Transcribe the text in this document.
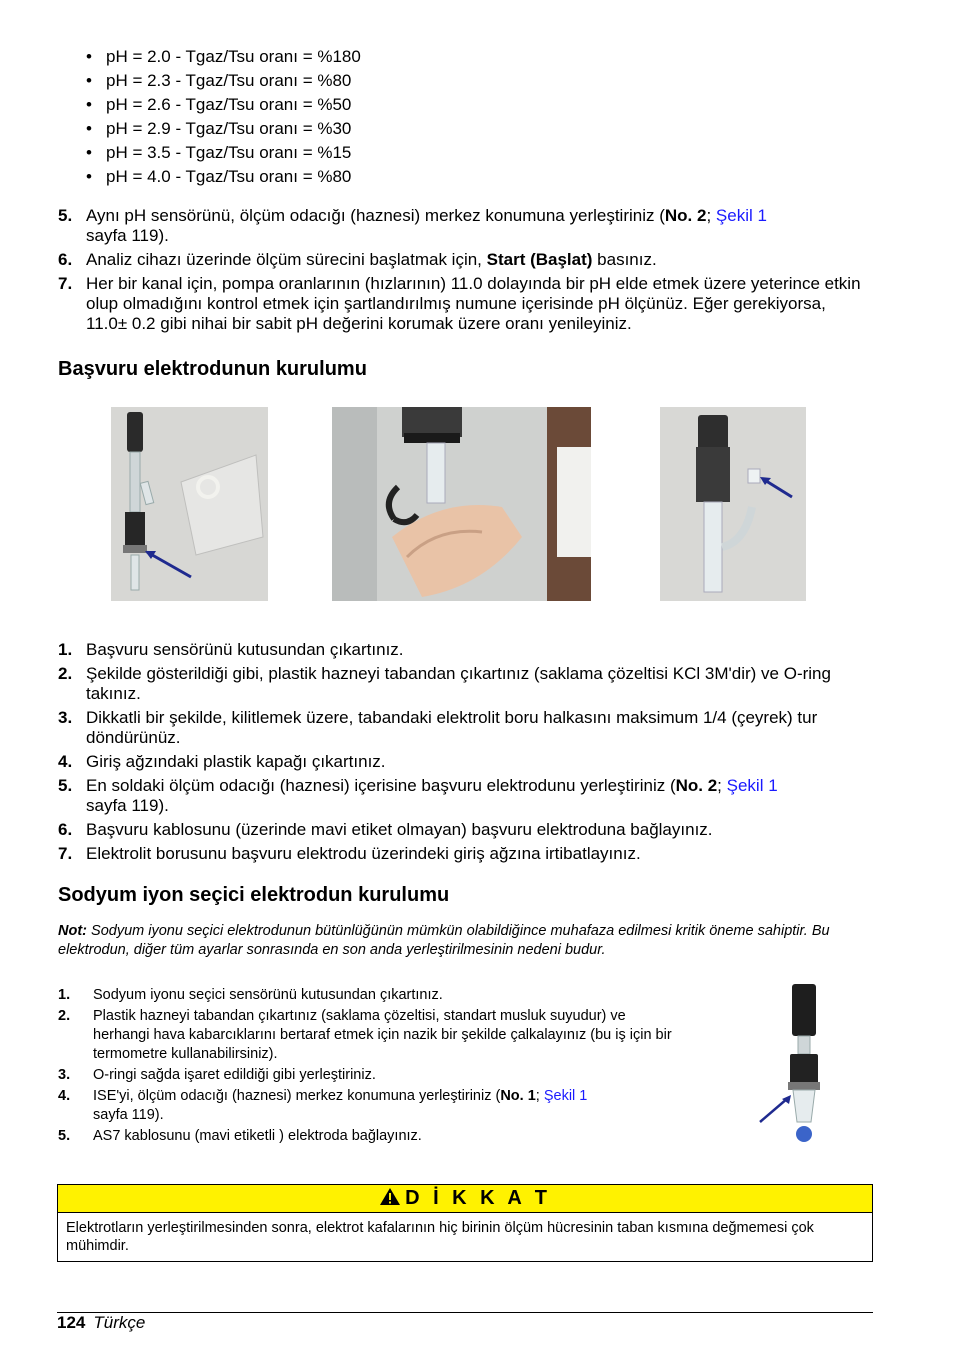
• pH = 2.0 - Tgaz/Tsu oranı = %180
• pH = 2.3 - Tgaz/Tsu oranı = %80
• pH = 2.6 - Tgaz/Tsu oranı = %50
• pH = 2.9 - Tgaz/Tsu oranı = %30
• pH = 3.5 - Tgaz/Tsu oranı = %15
• pH = 4.0 - Tgaz/Tsu oranı = %80
5. Aynı pH sensörünü, ölçüm odacığı (haznesi) merkez konumuna yerleştiriniz (No. 2; Şekil 1
sayfa 119).
6. Analiz cihazı üzerinde ölçüm sürecini başlatmak için, Start (Başlat) basınız.
7. Her bir kanal için, pompa oranlarının (hızlarının) 11.0 dolayında bir pH elde etmek üzere yeterince etkin olup olmadığını kontrol etmek için şartlandırılmış numune içerisinde pH ölçünüz. Eğer gerekiyorsa, 11.0± 0.2 gibi nihai bir sabit pH değerini korumak üzere oranı yenileyiniz.
Başvuru elektrodunun kurulumu
1. Başvuru sensörünü kutusundan çıkartınız.
2. Şekilde gösterildiği gibi, plastik hazneyi tabandan çıkartınız (saklama çözeltisi KCl 3M'dir) ve O-ring takınız.
3. Dikkatli bir şekilde, kilitlemek üzere, tabandaki elektrolit boru halkasını maksimum 1/4 (çeyrek) tur döndürünüz.
4. Giriş ağzındaki plastik kapağı çıkartınız.
5. En soldaki ölçüm odacığı (haznesi) içerisine başvuru elektrodunu yerleştiriniz (No. 2; Şekil 1
sayfa 119).
6. Başvuru kablosunu (üzerinde mavi etiket olmayan) başvuru elektroduna bağlayınız.
7. Elektrolit borusunu başvuru elektrodu üzerindeki giriş ağzına irtibatlayınız.
Sodyum iyon seçici elektrodun kurulumu
Not: Sodyum iyonu seçici elektrodunun bütünlüğünün mümkün olabildiğince muhafaza edilmesi kritik öneme sahiptir. Bu elektrodun, diğer tüm ayarlar sonrasında en son anda yerleştirilmesinin nedeni budur.
1. Sodyum iyonu seçici sensörünü kutusundan çıkartınız.
2. Plastik hazneyi tabandan çıkartınız (saklama çözeltisi, standart musluk suyudur) ve herhangi hava kabarcıklarını bertaraf etmek için nazik bir şekilde çalkalayınız (bu iş için bir termometre kullanabilirsiniz).
3. O-ringi sağda işaret edildiği gibi yerleştiriniz.
4. ISE'yi, ölçüm odacığı (haznesi) merkez konumuna yerleştiriniz (No. 1; Şekil 1
sayfa 119).
5. AS7 kablosunu (mavi etiketli ) elektroda bağlayınız.
D İ K K A T
Elektrotların yerleştirilmesinden sonra, elektrot kafalarının hiç birinin ölçüm hücresinin taban kısmına değmemesi çok mühimdir.
124 Türkçe
